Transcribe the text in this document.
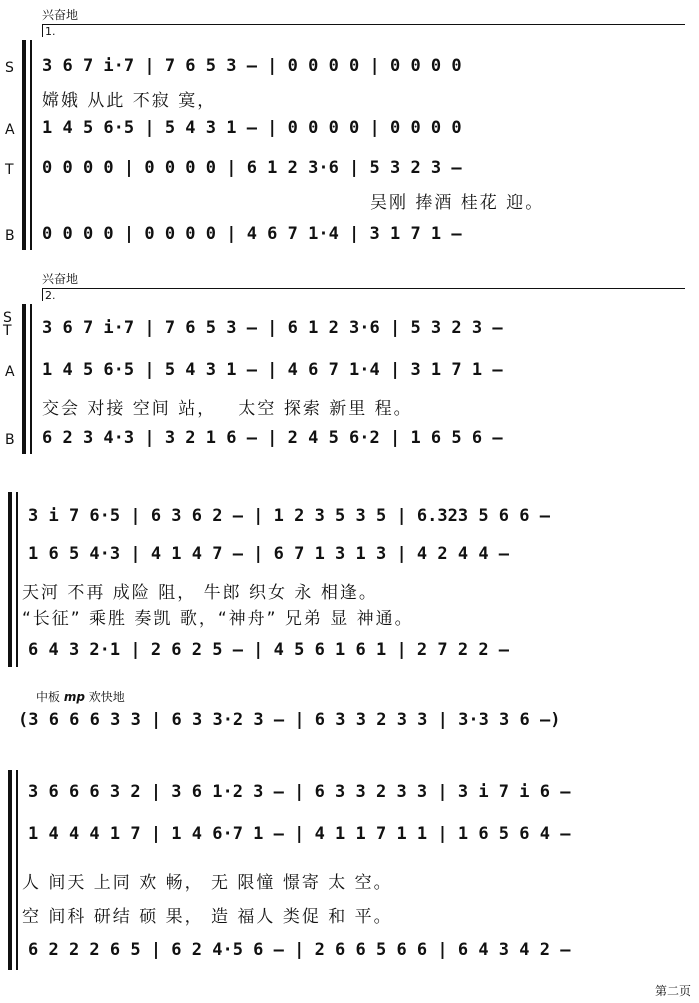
兴奋地
1.
S 3 6 7 i·7 | 7 6 5 3 – | 0 0 0 0 | 0 0 0 0
嫦娥 从此 不寂 寞，
A 1 4 5 6·5 | 5 4 3 1 – | 0 0 0 0 | 0 0 0 0
T 0 0 0 0 | 0 0 0 0 | 6 1 2 3·6 | 5 3 2 3 –
吴刚 捧酒 桂花 迎。
B 0 0 0 0 | 0 0 0 0 | 4 6 7 1·4 | 3 1 7 1 –
兴奋地
2.
S T 3 6 7 i·7 | 7 6 5 3 – | 6 1 2 3·6 | 5 3 2 3 –
A 1 4 5 6·5 | 5 4 3 1 – | 4 6 7 1·4 | 3 1 7 1 –
交会 对接 空间 站，   太空 探索 新里 程。
B 6 2 3 4·3 | 3 2 1 6 – | 2 4 5 6·2 | 1 6 5 6 –
3 i 7 6·5 | 6 3 6 2 – | 1 2 3 5 3 5 | 6.323 5 6 6 –
1 6 5 4·3 | 4 1 4 7 – | 6 7 1 3 1 3 | 4 2 4 4 –
天河 不再 成险 阻， 牛郎 织女 永 相逢。
“长征” 乘胜 奏凯 歌，“神舟” 兄弟 显 神通。
6 4 3 2·1 | 2 6 2 5 – | 4 5 6 1 6 1 | 2 7 2 2 –
中板 mp 欢快地
(3 6 6 6 3 3 | 6 3 3·2 3 – | 6 3 3 2 3 3 | 3·3 3 6 –)
3 6 6 6 3 2 | 3 6 1·2 3 – | 6 3 3 2 3 3 | 3 i 7 i 6 –
1 4 4 4 1 7 | 1 4 6·7 1 – | 4 1 1 7 1 1 | 1 6 5 6 4 –
人 间天 上同 欢 畅， 无 限憧 憬寄 太 空。
空 间科 研结 硕 果， 造 福人 类促 和 平。
6 2 2 2 6 5 | 6 2 4·5 6 – | 2 6 6 5 6 6 | 6 4 3 4 2 –
第二页
